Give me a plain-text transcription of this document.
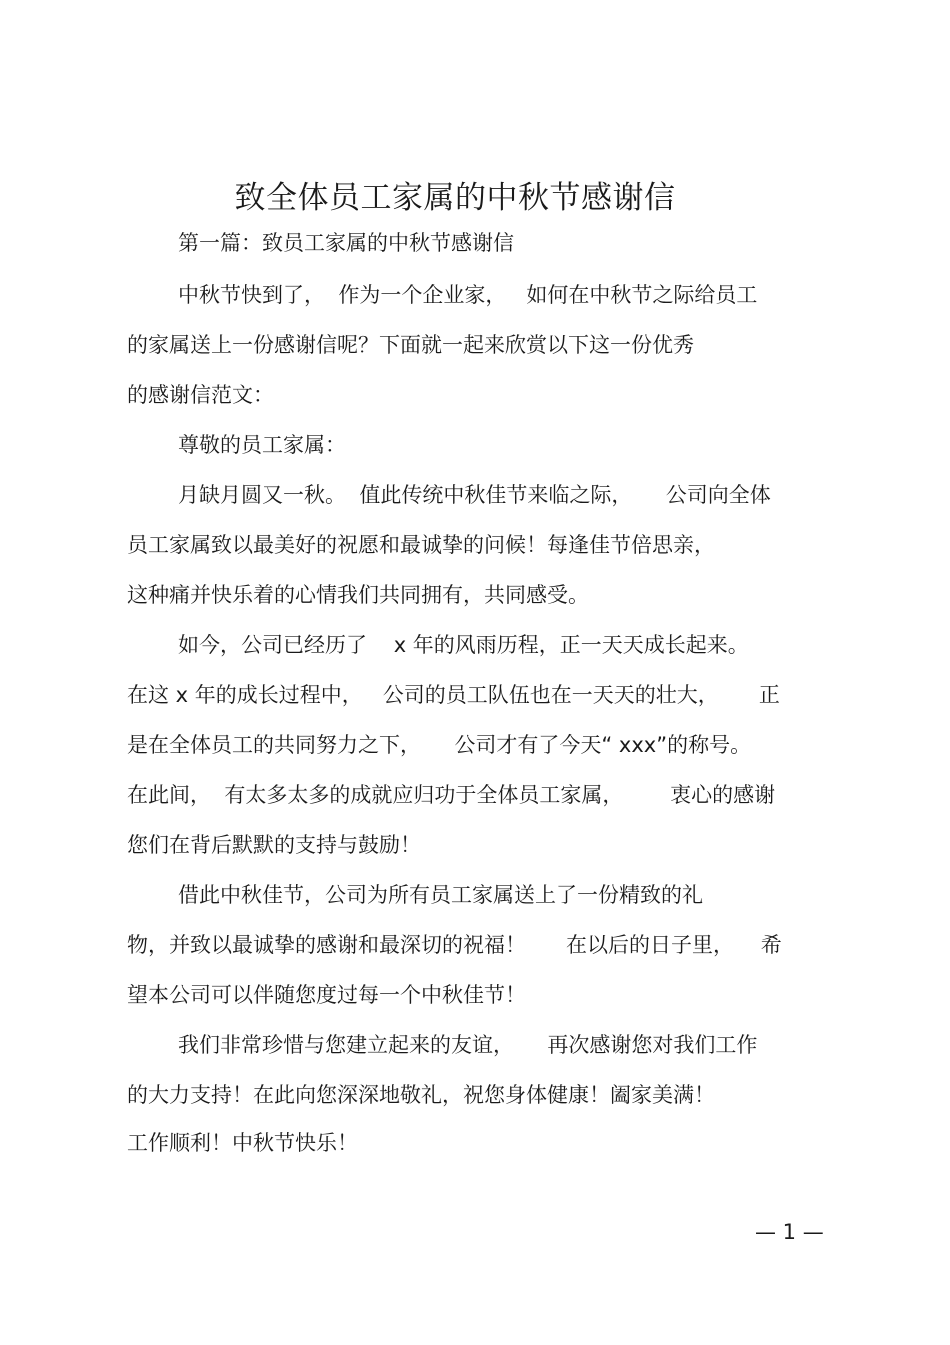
致全体员工家属的中秋节感谢信
第一篇：致员工家属的中秋节感谢信
中秋节快到了，  作为一个企业家，   如何在中秋节之际给员工
的家属送上一份感谢信呢？下面就一起来欣赏以下这一份优秀
的感谢信范文：
尊敬的员工家属：
月缺月圆又一秋。  值此传统中秋佳节来临之际，     公司向全体
员工家属致以最美好的祝愿和最诚挚的问候！每逢佳节倍思亲，
这种痛并快乐着的心情我们共同拥有，共同感受。
如今，公司已经历了    x 年的风雨历程，正一天天成长起来。
在这 x 年的成长过程中，   公司的员工队伍也在一天天的壮大，      正
是在全体员工的共同努力之下，     公司才有了今天“ xxx”的称号。
在此间，  有太多太多的成就应归功于全体员工家属，       衷心的感谢
您们在背后默默的支持与鼓励！
借此中秋佳节，公司为所有员工家属送上了一份精致的礼
物，并致以最诚挚的感谢和最深切的祝福！      在以后的日子里，    希
望本公司可以伴随您度过每一个中秋佳节！
我们非常珍惜与您建立起来的友谊，     再次感谢您对我们工作
的大力支持！在此向您深深地敬礼，祝您身体健康！阖家美满！
工作顺利！中秋节快乐！
— 1 —
